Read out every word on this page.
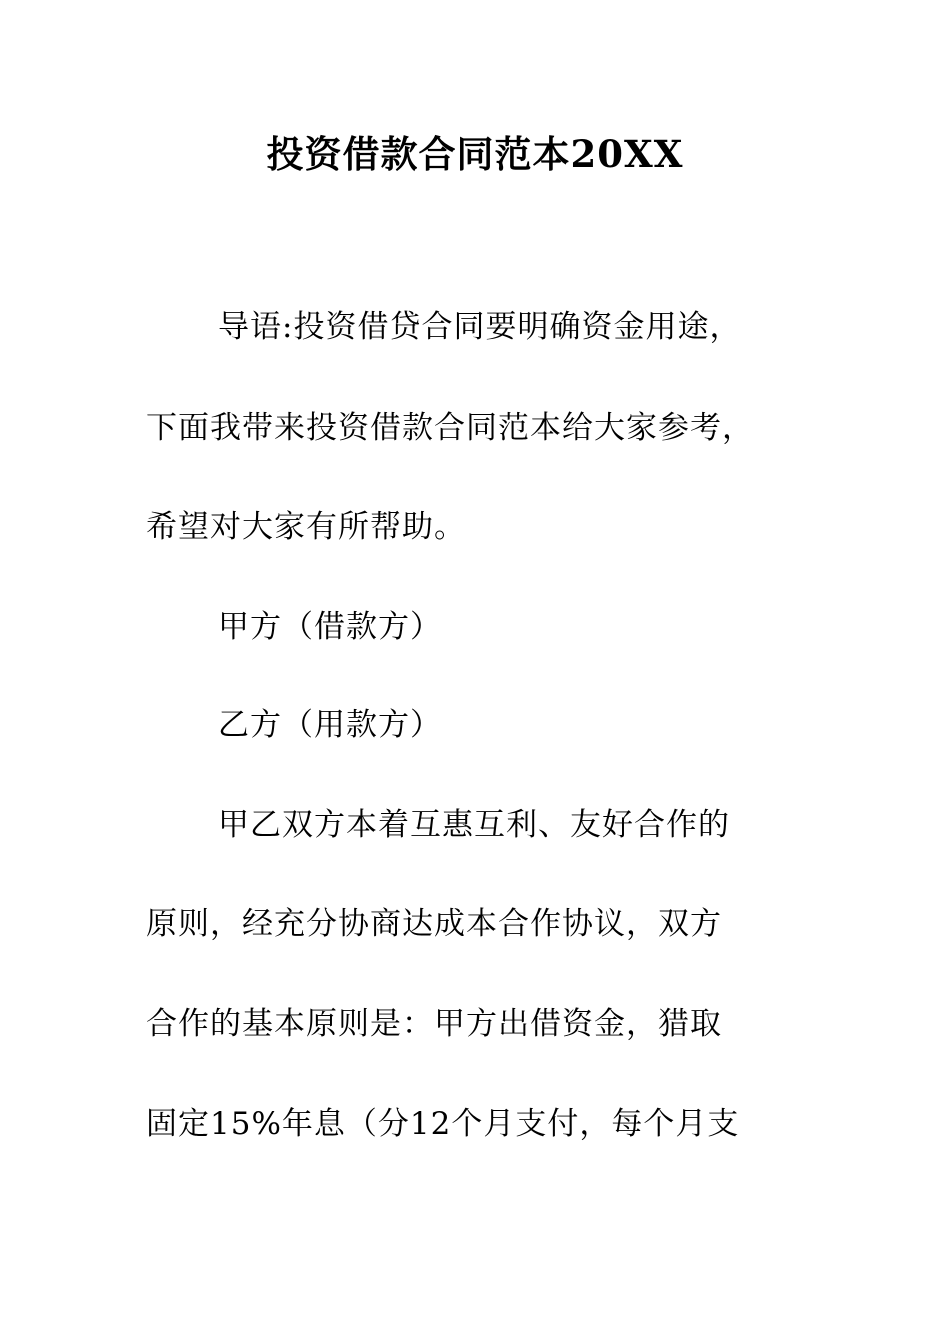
投资借款合同范本20XX
导语:投资借贷合同要明确资金用途，
下面我带来投资借款合同范本给大家参考，
希望对大家有所帮助。
甲方（借款方）
乙方（用款方）
甲乙双方本着互惠互利、友好合作的
原则，经充分协商达成本合作协议，双方
合作的基本原则是：甲方出借资金，猎取
固定15%年息（分12个月支付，每个月支
